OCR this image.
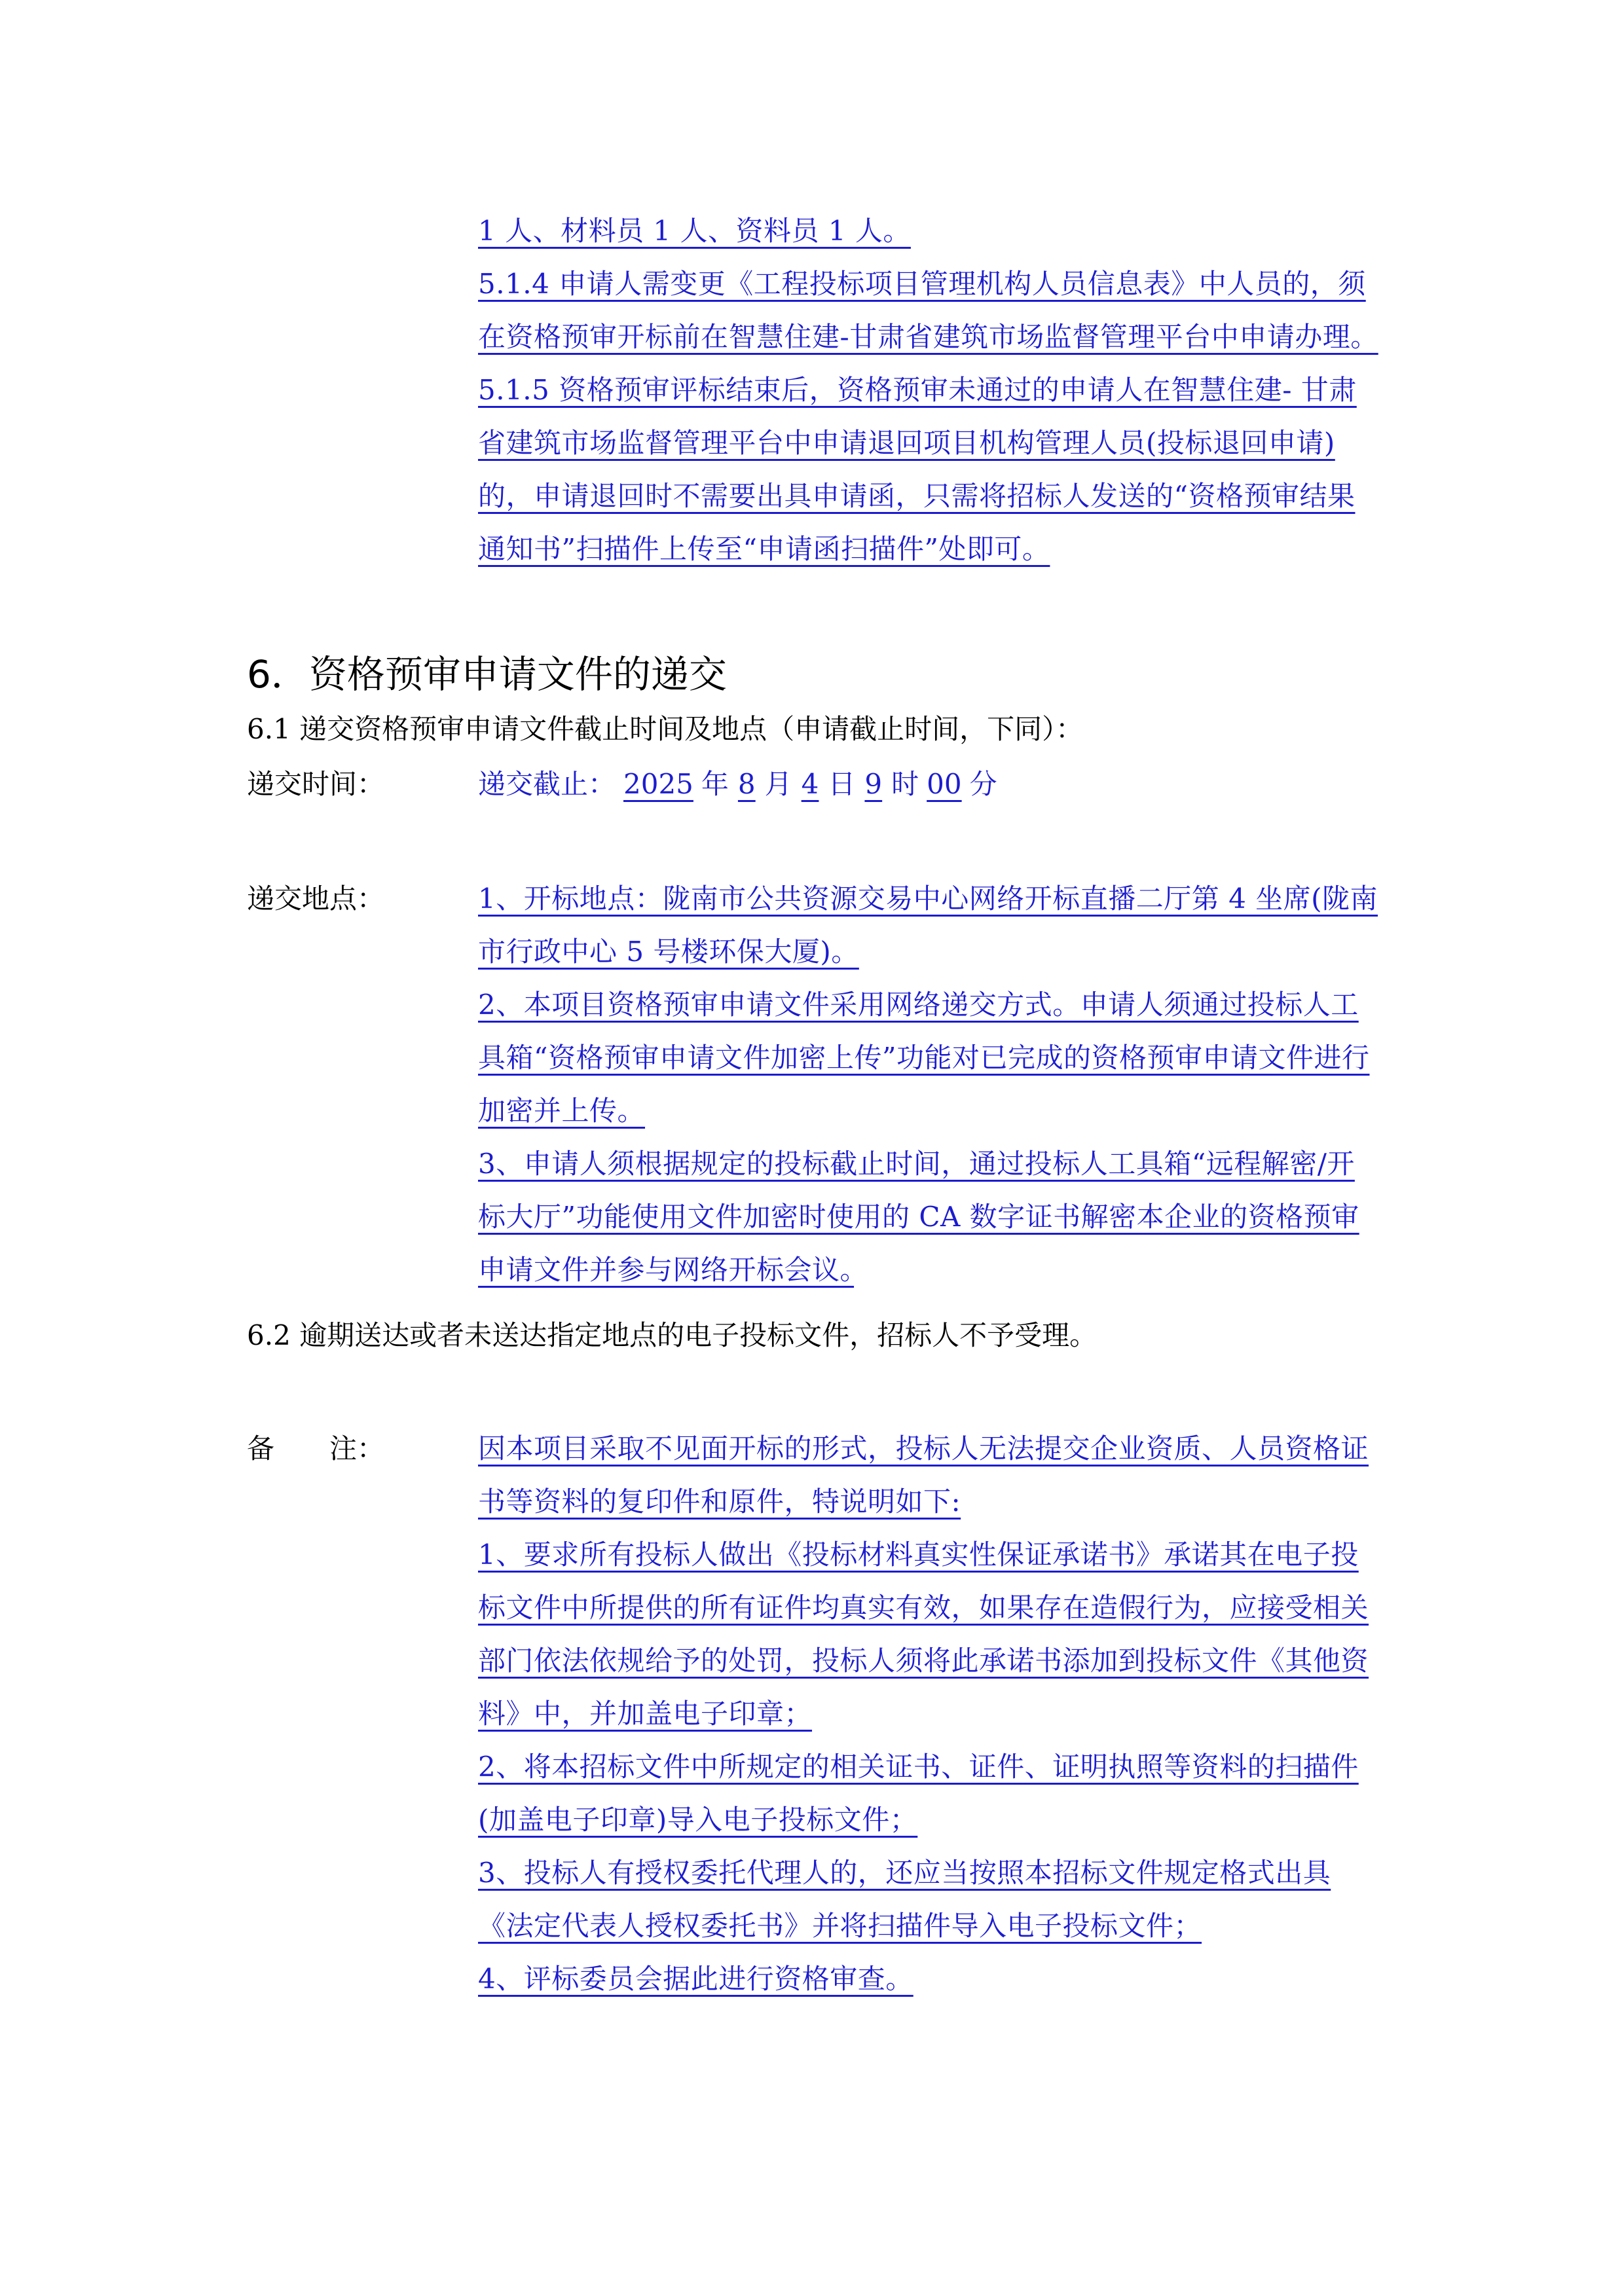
1 人、材料员 1 人、资料员 1 人。

5.1.4 申请人需变更《工程投标项目管理机构人员信息表》中人员的，须在资格预审开标前在智慧住建-甘肃省建筑市场监督管理平台中申请办理。

5.1.5 资格预审评标结束后，资格预审未通过的申请人在智慧住建- 甘肃省建筑市场监督管理平台中申请退回项目机构管理人员(投标退回申请)的，申请退回时不需要出具申请函，只需将招标人发送的“资格预审结果通知书”扫描件上传至“申请函扫描件”处即可。

6．资格预审申请文件的递交
6.1 递交资格预审申请文件截止时间及地点（申请截止时间，下同）：
递交时间：	递交截止： 2025 年 8 月 4 日 9 时 00 分
递交地点：	1、开标地点：陇南市公共资源交易中心网络开标直播二厅第 4 坐席(陇南市行政中心 5 号楼环保大厦)。

2、本项目资格预审申请文件采用网络递交方式。申请人须通过投标人工具箱“资格预审申请文件加密上传”功能对已完成的资格预审申请文件进行加密并上传。

3、申请人须根据规定的投标截止时间，通过投标人工具箱“远程解密/开标大厅”功能使用文件加密时使用的 CA 数字证书解密本企业的资格预审申请文件并参与网络开标会议。　　

6.2 逾期送达或者未送达指定地点的电子投标文件，招标人不予受理。
备　　注：	因本项目采取不见面开标的形式，投标人无法提交企业资质、人员资格证书等资料的复印件和原件，特说明如下:

1、要求所有投标人做出《投标材料真实性保证承诺书》承诺其在电子投标文件中所提供的所有证件均真实有效，如果存在造假行为，应接受相关部门依法依规给予的处罚，投标人须将此承诺书添加到投标文件《其他资料》中，并加盖电子印章；

2、将本招标文件中所规定的相关证书、证件、证明执照等资料的扫描件(加盖电子印章)导入电子投标文件；

3、投标人有授权委托代理人的，还应当按照本招标文件规定格式出具《法定代表人授权委托书》并将扫描件导入电子投标文件；

4、评标委员会据此进行资格审查。
